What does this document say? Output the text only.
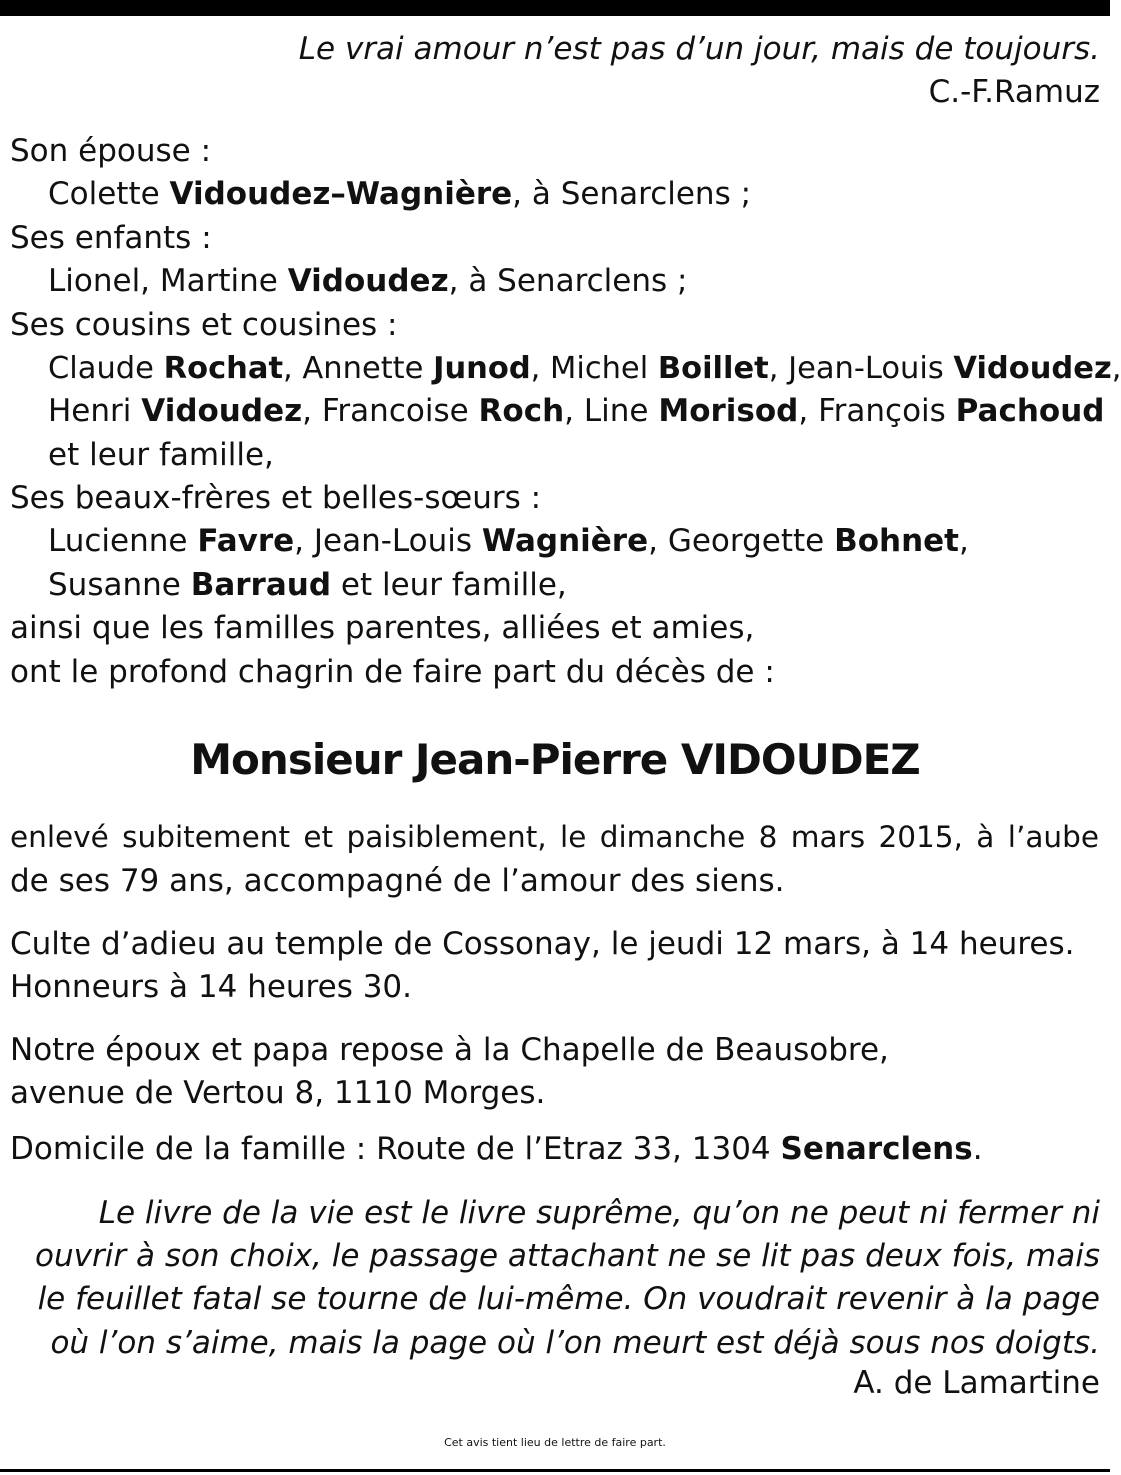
Le vrai amour n’est pas d’un jour, mais de toujours.
C.-F.Ramuz
Son épouse :
Colette Vidoudez–Wagnière, à Senarclens ;
Ses enfants :
Lionel, Martine Vidoudez, à Senarclens ;
Ses cousins et cousines :
Claude Rochat, Annette Junod, Michel Boillet, Jean-Louis Vidoudez,
Henri Vidoudez, Francoise Roch, Line Morisod, François Pachoud
et leur famille,
Ses beaux-frères et belles-sœurs :
Lucienne Favre, Jean-Louis Wagnière, Georgette Bohnet,
Susanne Barraud et leur famille,
ainsi que les familles parentes, alliées et amies,
ont le profond chagrin de faire part du décès de :
Monsieur Jean-Pierre VIDOUDEZ
enlevé subitement et paisiblement, le dimanche 8 mars 2015, à l’aube
de ses 79 ans, accompagné de l’amour des siens.
Culte d’adieu au temple de Cossonay, le jeudi 12 mars, à 14 heures.
Honneurs à 14 heures 30.
Notre époux et papa repose à la Chapelle de Beausobre,
avenue de Vertou 8, 1110 Morges.
Domicile de la famille : Route de l’Etraz 33, 1304 Senarclens.
Le livre de la vie est le livre suprême, qu’on ne peut ni fermer ni
ouvrir à son choix, le passage attachant ne se lit pas deux fois, mais
le feuillet fatal se tourne de lui-même. On voudrait revenir à la page
où l’on s’aime, mais la page où l’on meurt est déjà sous nos doigts.
A. de Lamartine
Cet avis tient lieu de lettre de faire part.
